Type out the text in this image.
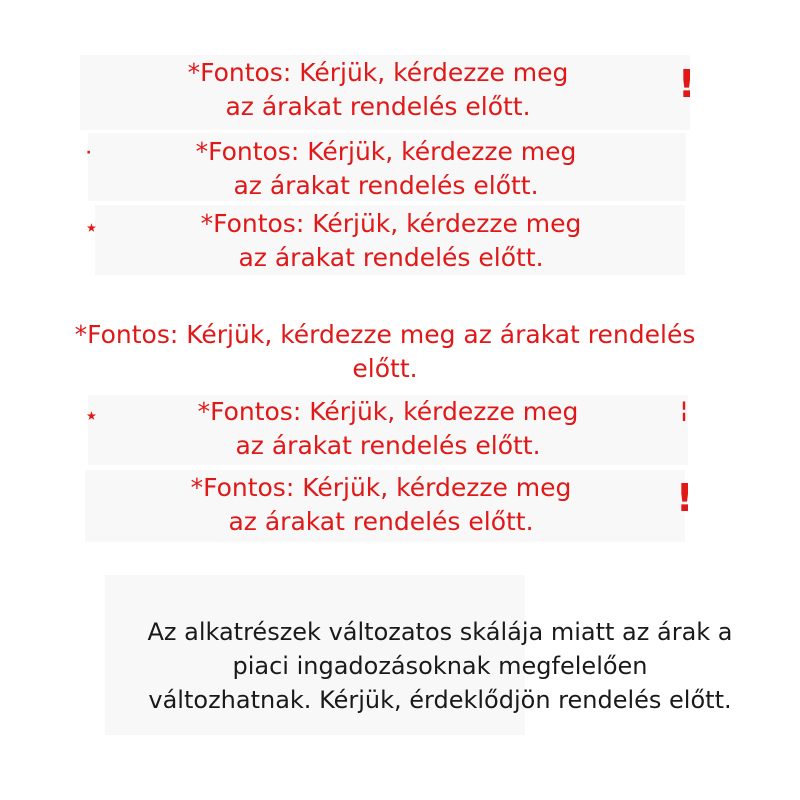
!
·
٭
٭	¦
!
*Fontos: Kérjük, kérdezze meg
az árakat rendelés előtt.
*Fontos: Kérjük, kérdezze meg
az árakat rendelés előtt.
*Fontos: Kérjük, kérdezze meg
az árakat rendelés előtt.
*Fontos: Kérjük, kérdezze meg az árakat rendelés
előtt.
*Fontos: Kérjük, kérdezze meg
az árakat rendelés előtt.
*Fontos: Kérjük, kérdezze meg
az árakat rendelés előtt.
Az alkatrészek változatos skálája miatt az árak a
piaci ingadozásoknak megfelelően
változhatnak. Kérjük, érdeklődjön rendelés előtt.
